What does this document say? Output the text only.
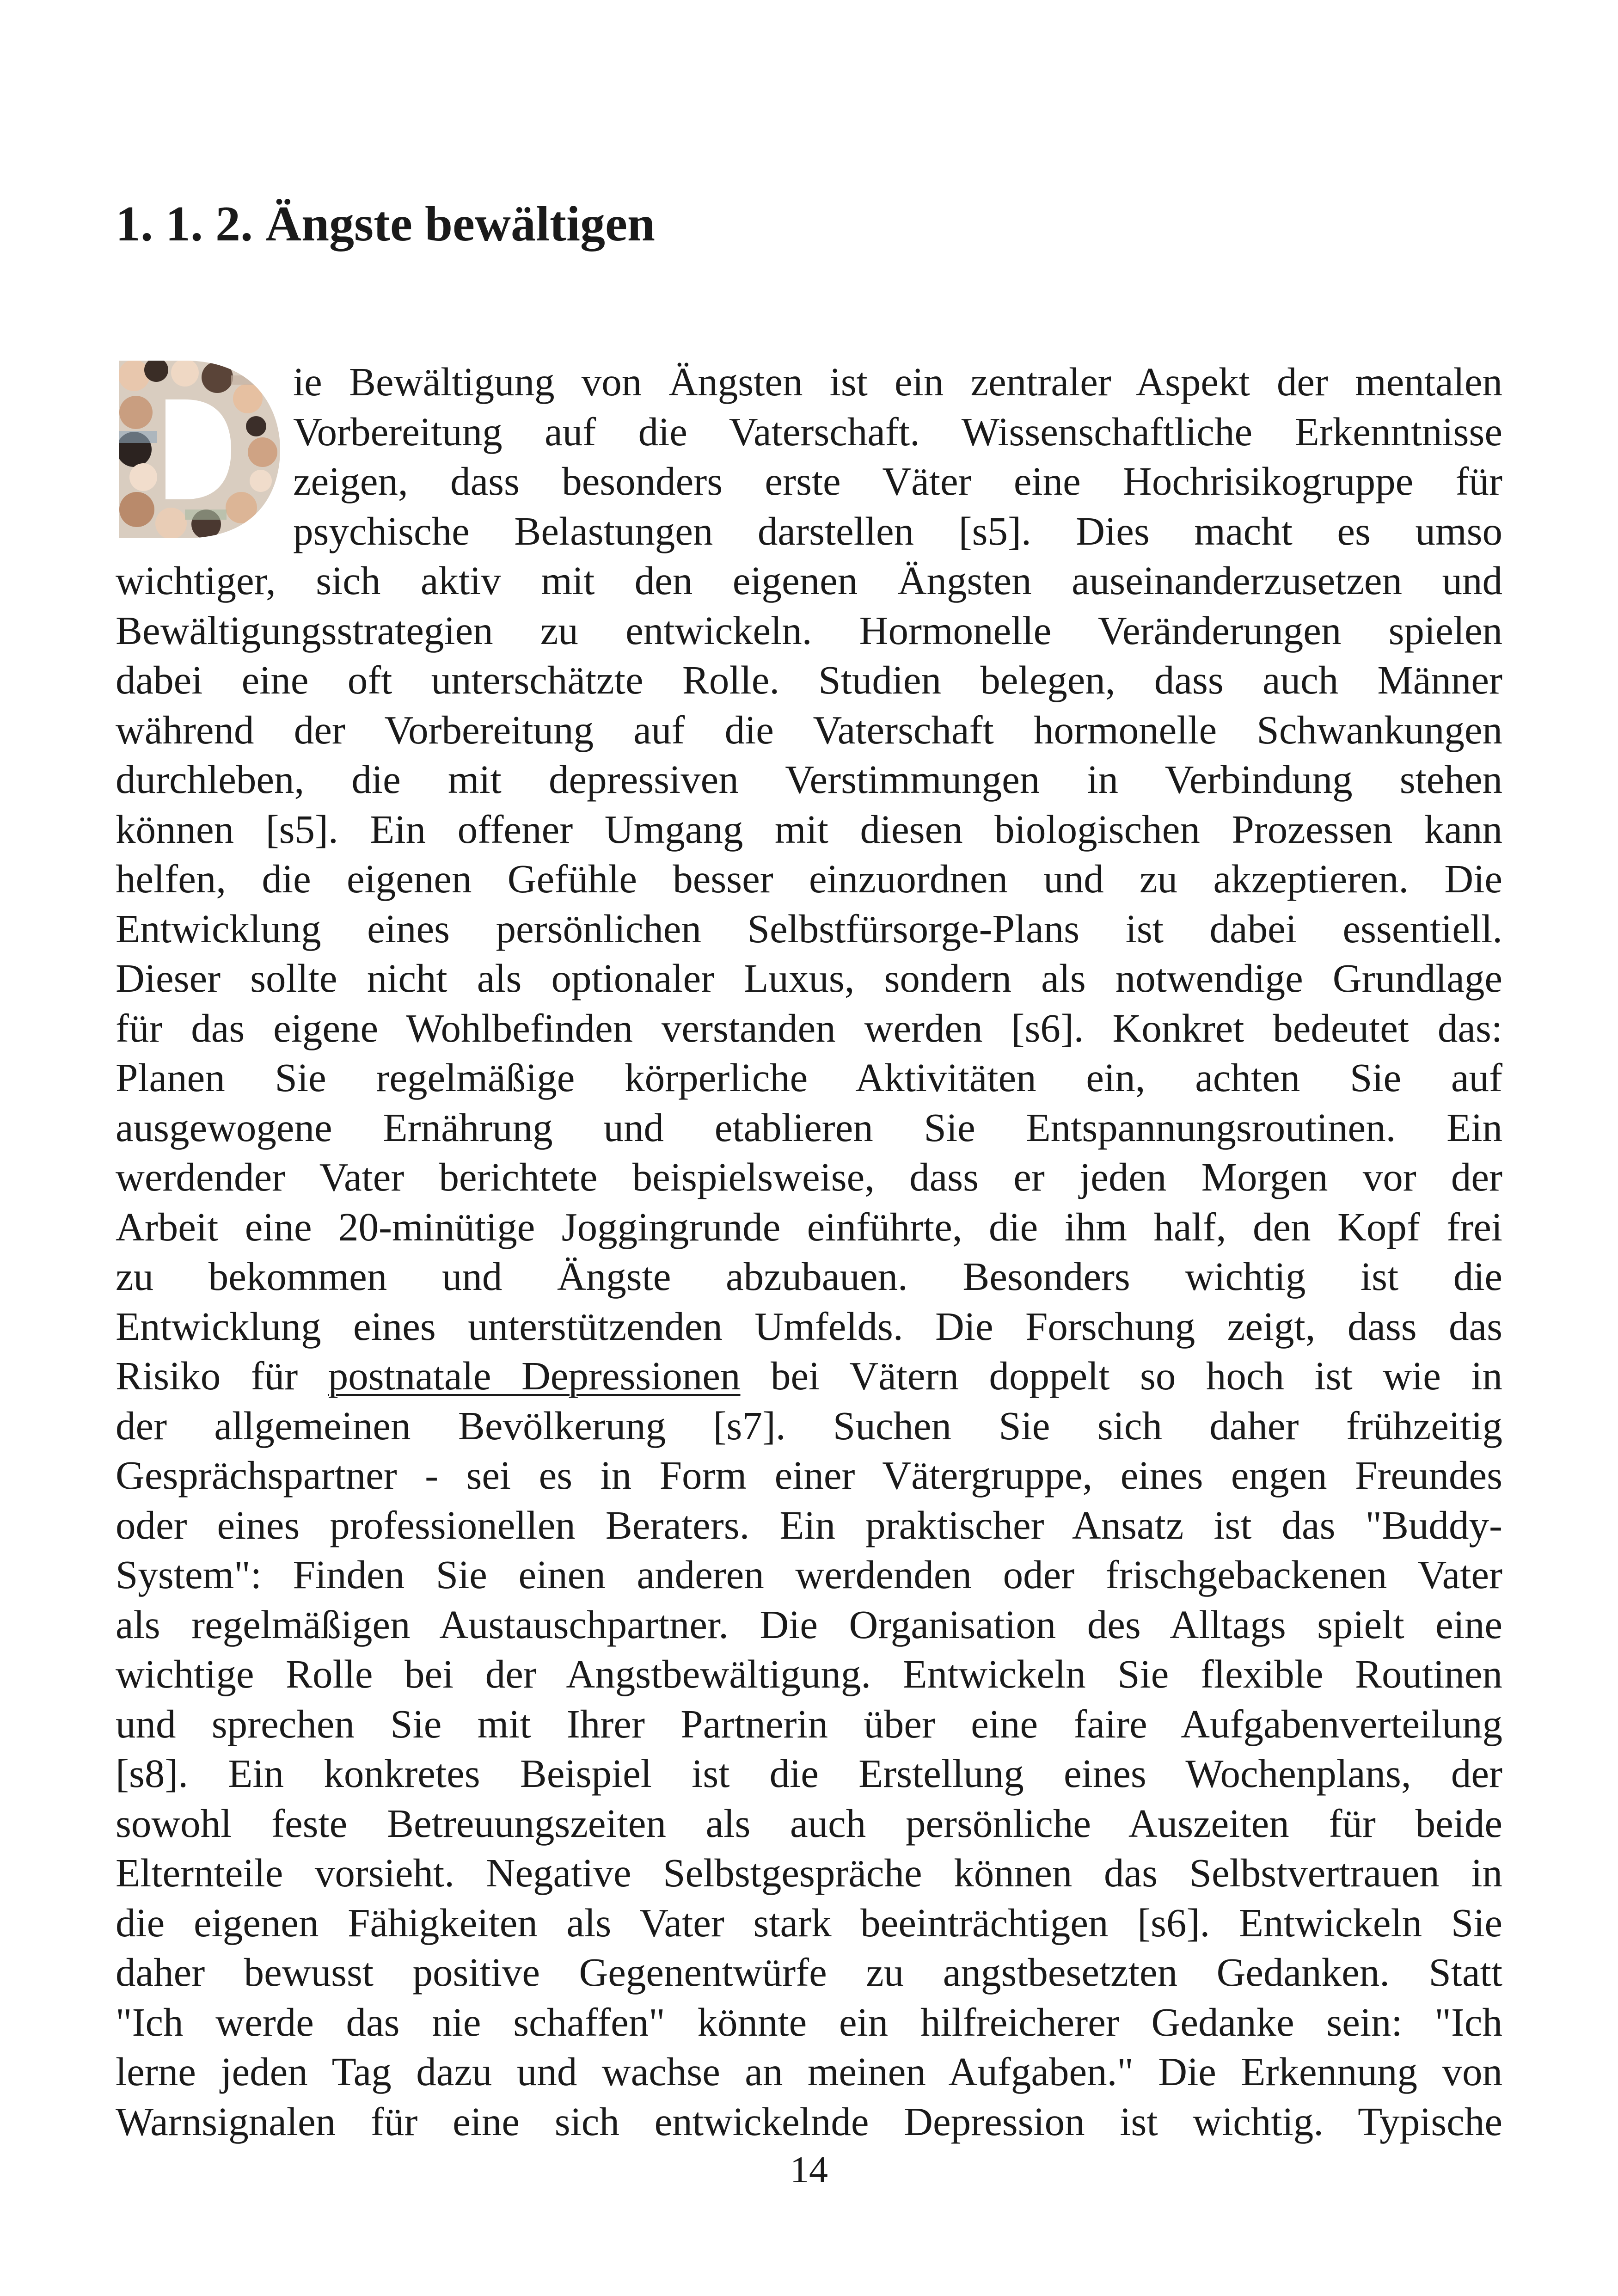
1. 1. 2. Ängste bewältigen
ie Bewältigung von Ängsten ist ein zentraler Aspekt der mentalen
Vorbereitung auf die Vaterschaft. Wissenschaftliche Erkenntnisse
zeigen, dass besonders erste Väter eine Hochrisikogruppe für
psychische Belastungen darstellen [s5]. Dies macht es umso
wichtiger, sich aktiv mit den eigenen Ängsten auseinanderzusetzen und
Bewältigungsstrategien zu entwickeln. Hormonelle Veränderungen spielen
dabei eine oft unterschätzte Rolle. Studien belegen, dass auch Männer
während der Vorbereitung auf die Vaterschaft hormonelle Schwankungen
durchleben, die mit depressiven Verstimmungen in Verbindung stehen
können [s5]. Ein offener Umgang mit diesen biologischen Prozessen kann
helfen, die eigenen Gefühle besser einzuordnen und zu akzeptieren. Die
Entwicklung eines persönlichen Selbstfürsorge-Plans ist dabei essentiell.
Dieser sollte nicht als optionaler Luxus, sondern als notwendige Grundlage
für das eigene Wohlbefinden verstanden werden [s6]. Konkret bedeutet das:
Planen Sie regelmäßige körperliche Aktivitäten ein, achten Sie auf
ausgewogene Ernährung und etablieren Sie Entspannungsroutinen. Ein
werdender Vater berichtete beispielsweise, dass er jeden Morgen vor der
Arbeit eine 20-minütige Joggingrunde einführte, die ihm half, den Kopf frei
zu bekommen und Ängste abzubauen. Besonders wichtig ist die
Entwicklung eines unterstützenden Umfelds. Die Forschung zeigt, dass das
Risiko für postnatale Depressionen bei Vätern doppelt so hoch ist wie in
der allgemeinen Bevölkerung [s7]. Suchen Sie sich daher frühzeitig
Gesprächspartner - sei es in Form einer Vätergruppe, eines engen Freundes
oder eines professionellen Beraters. Ein praktischer Ansatz ist das "Buddy-
System": Finden Sie einen anderen werdenden oder frischgebackenen Vater
als regelmäßigen Austauschpartner. Die Organisation des Alltags spielt eine
wichtige Rolle bei der Angstbewältigung. Entwickeln Sie flexible Routinen
und sprechen Sie mit Ihrer Partnerin über eine faire Aufgabenverteilung
[s8]. Ein konkretes Beispiel ist die Erstellung eines Wochenplans, der
sowohl feste Betreuungszeiten als auch persönliche Auszeiten für beide
Elternteile vorsieht. Negative Selbstgespräche können das Selbstvertrauen in
die eigenen Fähigkeiten als Vater stark beeinträchtigen [s6]. Entwickeln Sie
daher bewusst positive Gegenentwürfe zu angstbesetzten Gedanken. Statt
"Ich werde das nie schaffen" könnte ein hilfreicherer Gedanke sein: "Ich
lerne jeden Tag dazu und wachse an meinen Aufgaben." Die Erkennung von
Warnsignalen für eine sich entwickelnde Depression ist wichtig. Typische
14
